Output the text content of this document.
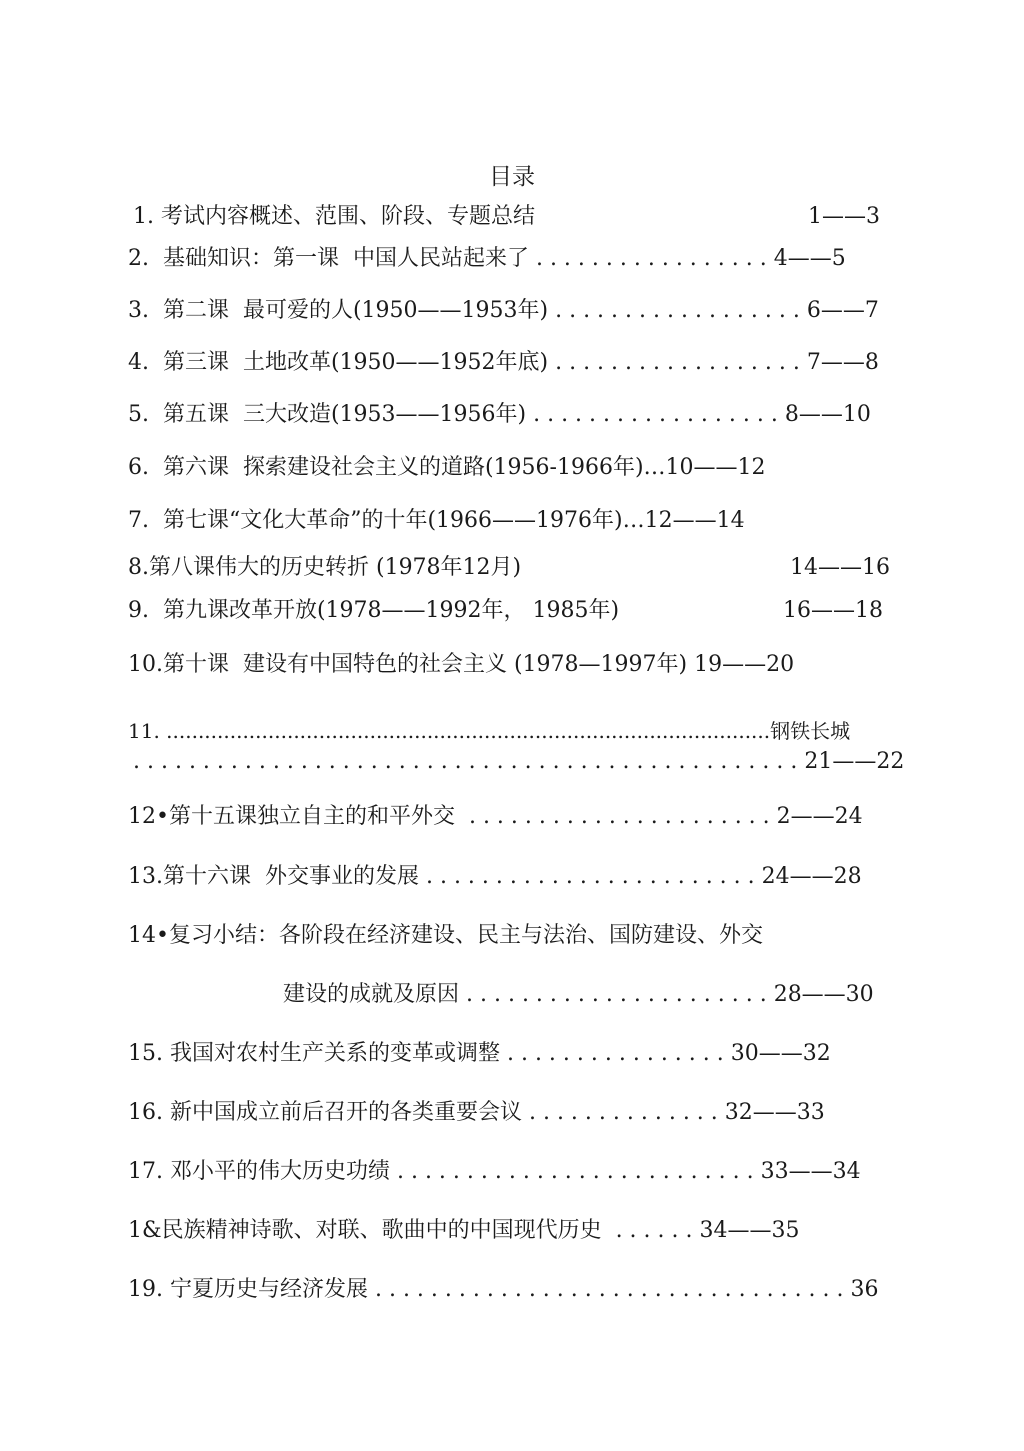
目录
1. 考试内容概述、范围、阶段、专题总结	1——3
2.  基础知识：第一课  中国人民站起来了 . . . . . . . . . . . . . . . . . 4——5
3.  第二课  最可爱的人(1950——1953年) . . . . . . . . . . . . . . . . . . 6——7
4.  第三课  土地改革(1950——1952年底) . . . . . . . . . . . . . . . . . . 7——8
5.  第五课  三大改造(1953——1956年) . . . . . . . . . . . . . . . . . . 8——10
6.  第六课  探索建设社会主义的道路(1956-1966年)…10——12
7.  第七课“文化大革命”的十年(1966——1976年)…12——14
8.第八课伟大的历史转折 (1978年12月)	14——16
9.  第九课改革开放(1978——1992年， 1985年)	16——18
10.第十课  建设有中国特色的社会主义 (1978—1997年) 19——20
11. ...............................................................................................钢铁长城
. . . . . . . . . . . . . . . . . . . . . . . . . . . . . . . . . . . . . . . . . . . . . . . . 21——22
12•第十五课独立自主的和平外交  . . . . . . . . . . . . . . . . . . . . . . 2——24
13.第十六课  外交事业的发展 . . . . . . . . . . . . . . . . . . . . . . . . 24——28
14•复习小结：各阶段在经济建设、民主与法治、国防建设、外交
建设的成就及原因 . . . . . . . . . . . . . . . . . . . . . . 28——30
15. 我国对农村生产关系的变革或调整 . . . . . . . . . . . . . . . . 30——32
16. 新中国成立前后召开的各类重要会议 . . . . . . . . . . . . . . 32——33
17. 邓小平的伟大历史功绩 . . . . . . . . . . . . . . . . . . . . . . . . . . 33——34
1&民族精神诗歌、对联、歌曲中的中国现代历史  . . . . . . 34——35
19. 宁夏历史与经济发展 . . . . . . . . . . . . . . . . . . . . . . . . . . . . . . . . . . 36
